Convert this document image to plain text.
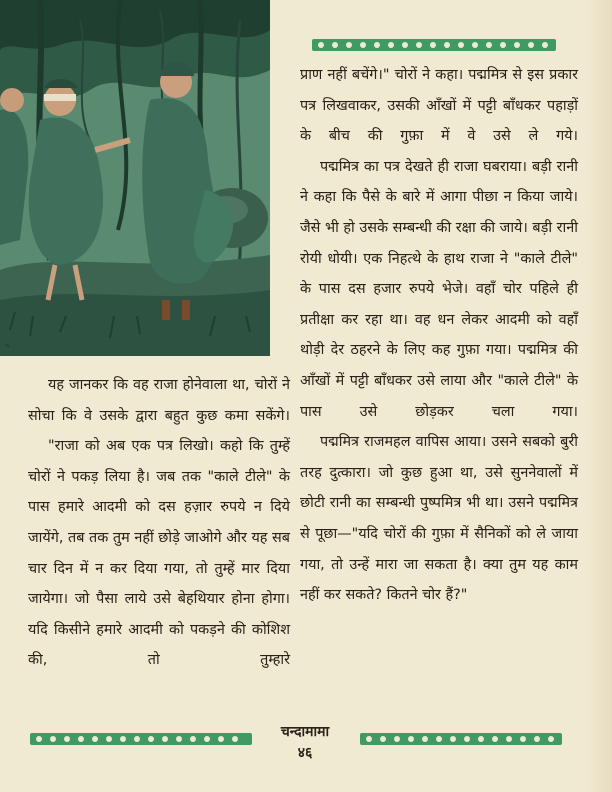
✎

प्राण नहीं बचेंगे।" चोरों ने कहा। पद्ममित्र से इस प्रकार पत्र लिखवाकर, उसकी आँखों में पट्टी बाँधकर पहाड़ों के बीच की गुफ़ा में वे उसे ले गये।

पद्ममित्र का पत्र देखते ही राजा घबराया। बड़ी रानी ने कहा कि पैसे के बारे में आगा पीछा न किया जाये। जैसे भी हो उसके सम्बन्धी की रक्षा की जाये। बड़ी रानी रोयी धोयी। एक निहत्थे के हाथ राजा ने "काले टीले" के पास दस हजार रुपये भेजे। वहाँ चोर पहिले ही प्रतीक्षा कर रहा था। वह धन लेकर आदमी को वहाँ थोड़ी देर ठहरने के लिए कह गुफ़ा गया। पद्ममित्र की आँखों में पट्टी बाँधकर उसे लाया और "काले टीले" के पास उसे छोड़कर चला गया।

पद्ममित्र राजमहल वापिस आया। उसने सबको बुरी तरह दुत्कारा। जो कुछ हुआ था, उसे सुननेवालों में छोटी रानी का सम्बन्धी पुष्पमित्र भी था। उसने पद्ममित्र से पूछा—"यदि चोरों की गुफ़ा में सैनिकों को ले जाया गया, तो उन्हें मारा जा सकता है। क्या तुम यह काम नहीं कर सकते? कितने चोर हैं?"

यह जानकर कि वह राजा होनेवाला था, चोरों ने सोचा कि वे उसके द्वारा बहुत कुछ कमा सकेंगे।

"राजा को अब एक पत्र लिखो। कहो कि तुम्हें चोरों ने पकड़ लिया है। जब तक "काले टीले" के पास हमारे आदमी को दस हज़ार रुपये न दिये जायेंगे, तब तक तुम नहीं छोड़े जाओगे और यह सब चार दिन में न कर दिया गया, तो तुम्हें मार दिया जायेगा। जो पैसा लाये उसे बेहथियार होना होगा। यदि किसीने हमारे आदमी को पकड़ने की कोशिश की, तो तुम्हारे

चन्दामामा
४६
